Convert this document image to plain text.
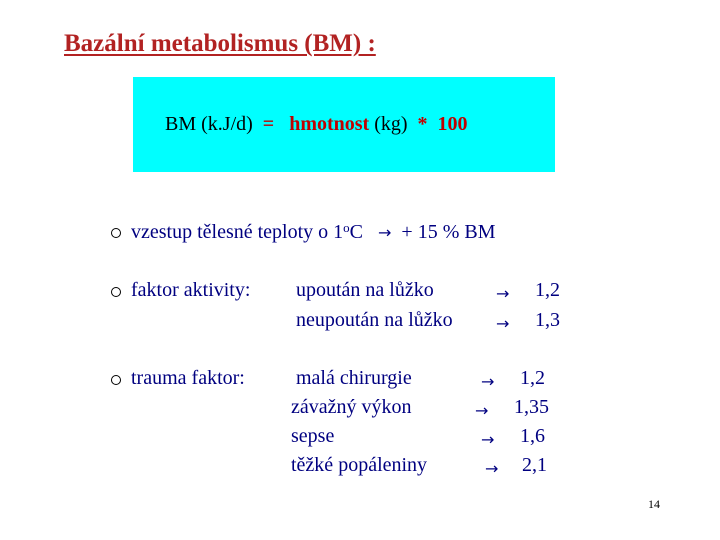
Bazální metabolismus (BM) :
BM (k.J/d) = hmotnost (kg) * 100
vzestup tělesné teploty o $1^oC$ → + 15 % BM
faktor aktivity: upoután na lůžko	→ 1,2
neupoután na lůžko	→ 1,3
trauma faktor:	malá chirurgie	→ 1,2
závažný výkon	→ 1,35
sepse	→ 1,6
těžké popáleniny	→ 2,1
14
